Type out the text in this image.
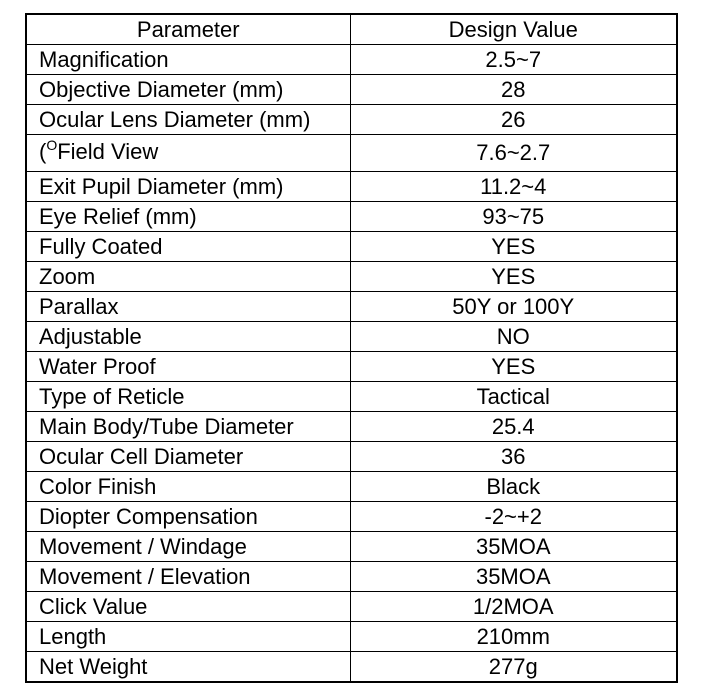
Parameter	Design Value
Magnification	2.5~7
Objective Diameter (mm)	28
Ocular Lens Diameter (mm)	26
($^O$Field View	7.6~2.7
Exit Pupil Diameter (mm)	11.2~4
Eye Relief (mm)	93~75
Fully Coated	YES
Zoom	YES
Parallax	50Y or 100Y
Adjustable	NO
Water Proof	YES
Type of Reticle	Tactical
Main Body/Tube Diameter	25.4
Ocular Cell Diameter	36
Color Finish	Black
Diopter Compensation	-2~+2
Movement / Windage	35MOA
Movement / Elevation	35MOA
Click Value	1/2MOA
Length	210mm
Net Weight	277g
